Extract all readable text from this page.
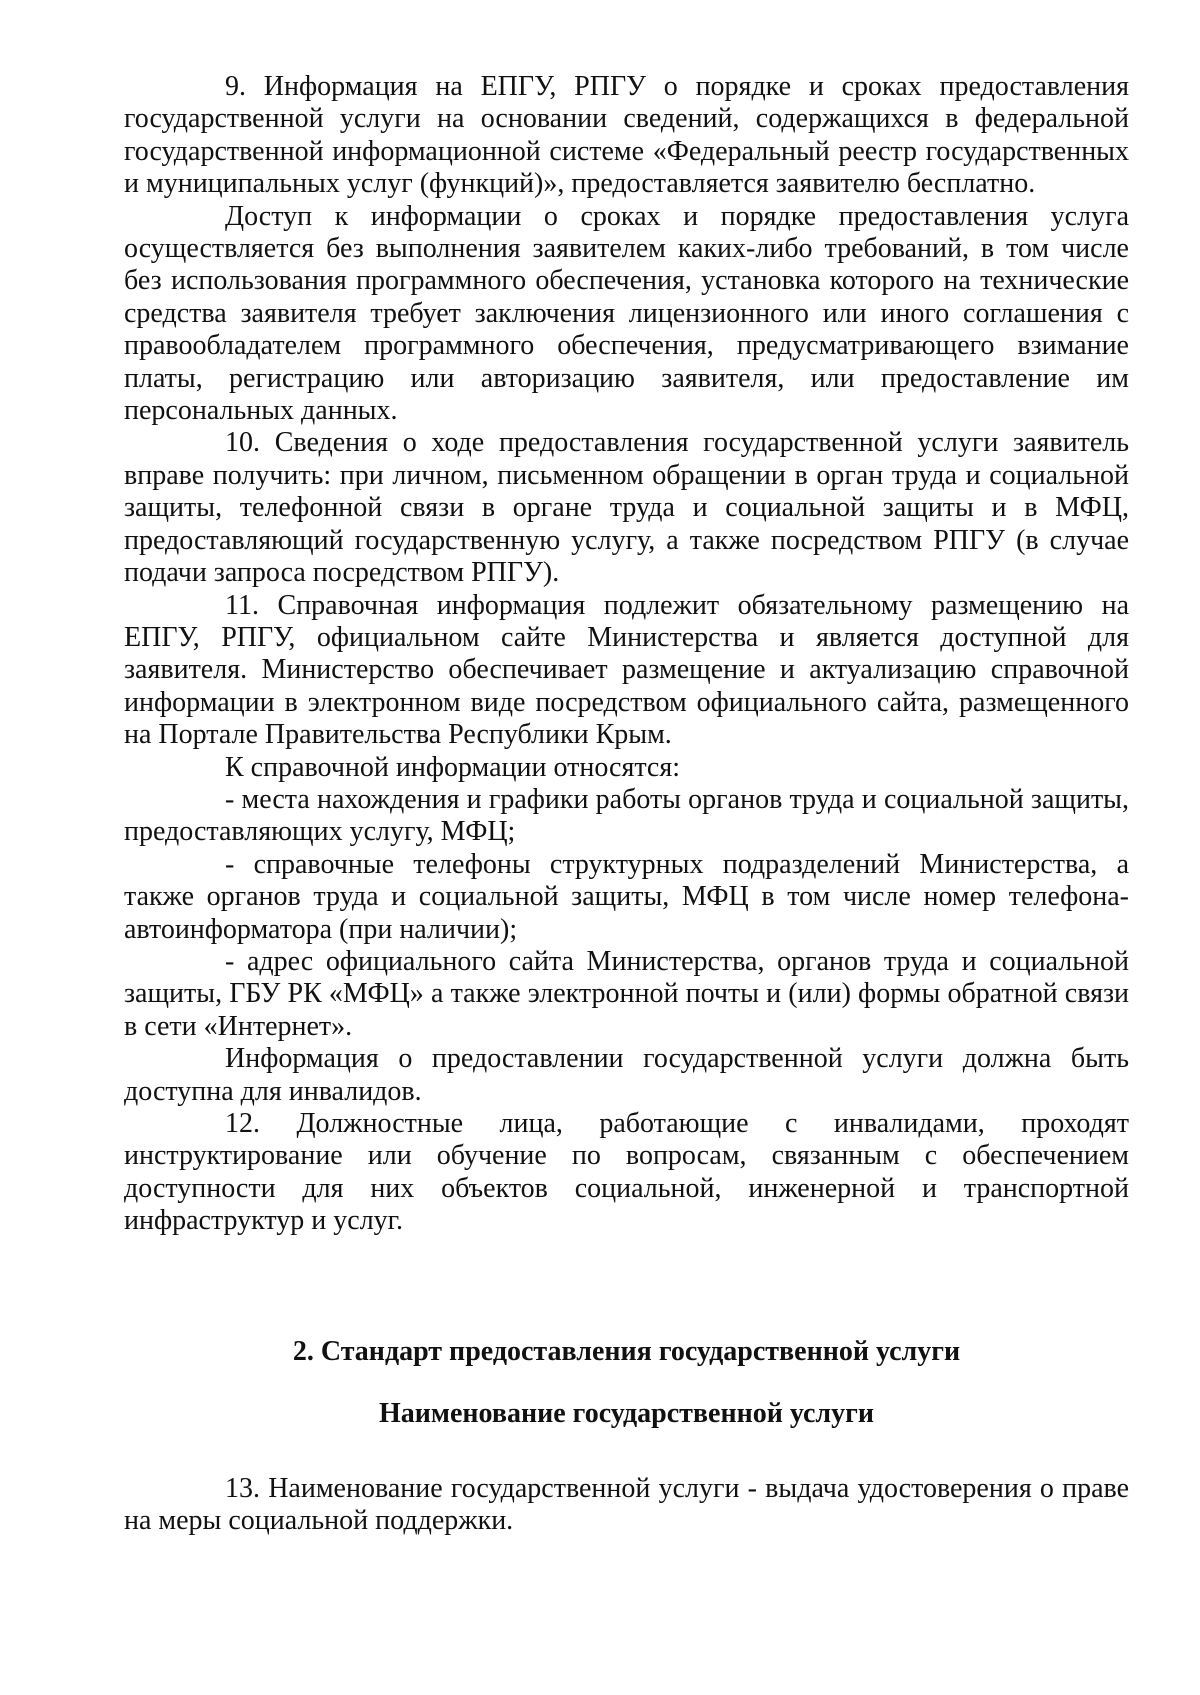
9. Информация на ЕПГУ, РПГУ о порядке и сроках предоставления государственной услуги на основании сведений, содержащихся в федеральной государственной информационной системе «Федеральный реестр государственных и муниципальных услуг (функций)», предоставляется заявителю бесплатно.

Доступ к информации о сроках и порядке предоставления услуга осуществляется без выполнения заявителем каких-либо требований, в том числе без использования программного обеспечения, установка которого на технические средства заявителя требует заключения лицензионного или иного соглашения с правообладателем программного обеспечения, предусматривающего взимание платы, регистрацию или авторизацию заявителя, или предоставление им персональных данных.

10. Сведения о ходе предоставления государственной услуги заявитель вправе получить: при личном, письменном обращении в орган труда и социальной защиты, телефонной связи в органе труда и социальной защиты и в МФЦ, предоставляющий государственную услугу, а также посредством РПГУ (в случае подачи запроса посредством РПГУ).

11. Справочная информация подлежит обязательному размещению на ЕПГУ, РПГУ, официальном сайте Министерства и является доступной для заявителя. Министерство обеспечивает размещение и актуализацию справочной информации в электронном виде посредством официального сайта, размещенного на Портале Правительства Республики Крым.

К справочной информации относятся:

- места нахождения и графики работы органов труда и социальной защиты, предоставляющих услугу, МФЦ;

- справочные телефоны структурных подразделений Министерства, а также органов труда и социальной защиты, МФЦ в том числе номер телефона-автоинформатора (при наличии);

- адрес официального сайта Министерства, органов труда и социальной защиты, ГБУ РК «МФЦ» а также электронной почты и (или) формы обратной связи в сети «Интернет».

Информация о предоставлении государственной услуги должна быть доступна для инвалидов.

12. Должностные лица, работающие с инвалидами, проходят инструктирование или обучение по вопросам, связанным с обеспечением доступности для них объектов социальной, инженерной и транспортной инфраструктур и услуг.

2. Стандарт предоставления государственной услуги

Наименование государственной услуги

13. Наименование государственной услуги - выдача удостоверения о праве на меры социальной поддержки.
